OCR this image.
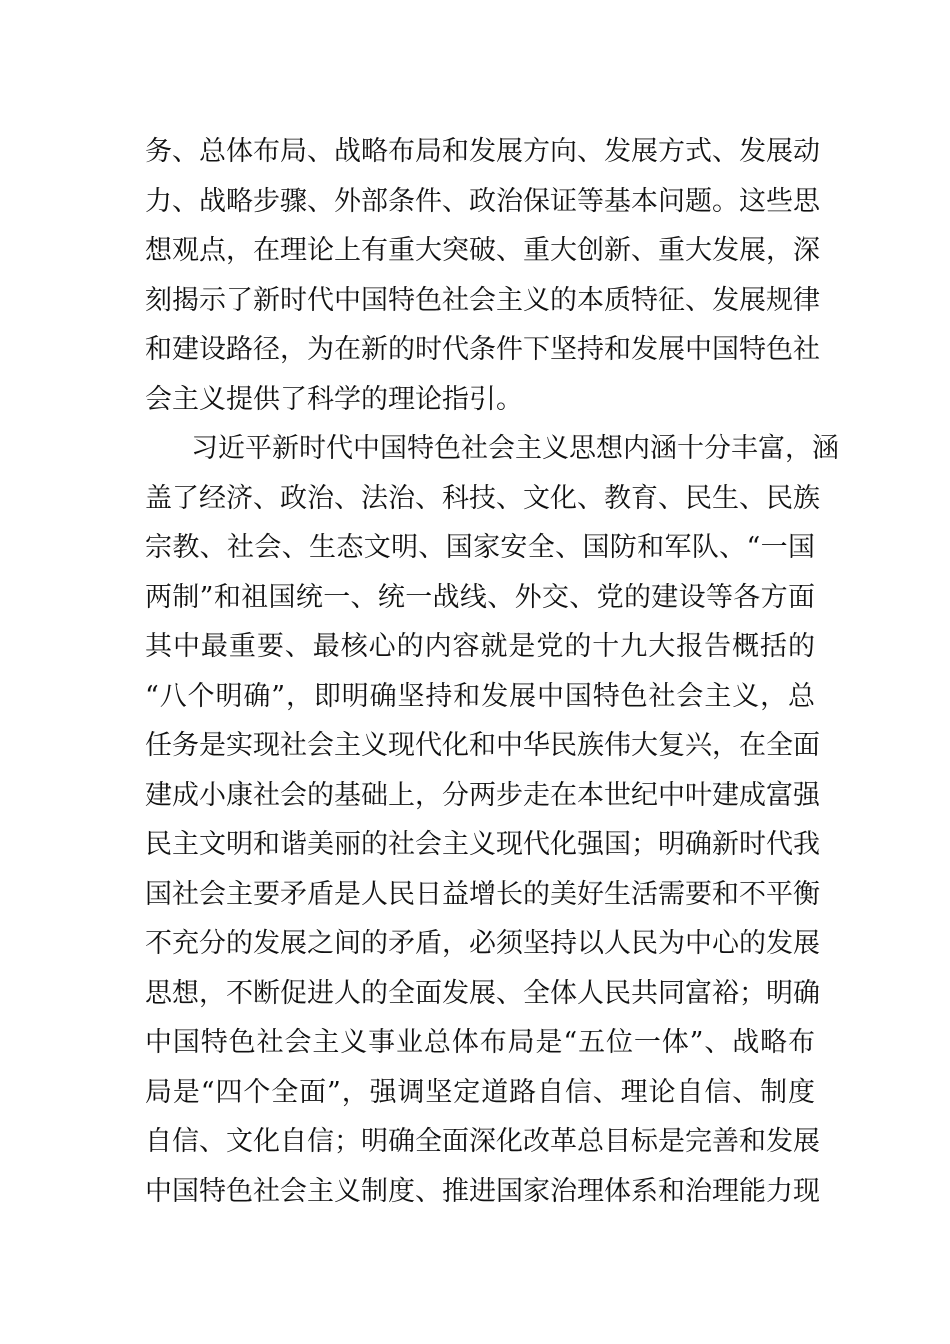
务、总体布局、战略布局和发展方向、发展方式、发展动
力、战略步骤、外部条件、政治保证等基本问题。这些思
想观点，在理论上有重大突破、重大创新、重大发展，深
刻揭示了新时代中国特色社会主义的本质特征、发展规律
和建设路径，为在新的时代条件下坚持和发展中国特色社
会主义提供了科学的理论指引。
习近平新时代中国特色社会主义思想内涵十分丰富，涵
盖了经济、政治、法治、科技、文化、教育、民生、民族
宗教、社会、生态文明、国家安全、国防和军队、“一国
两制”和祖国统一、统一战线、外交、党的建设等各方面
其中最重要、最核心的内容就是党的十九大报告概括的
“八个明确”，即明确坚持和发展中国特色社会主义，总
任务是实现社会主义现代化和中华民族伟大复兴，在全面
建成小康社会的基础上，分两步走在本世纪中叶建成富强
民主文明和谐美丽的社会主义现代化强国；明确新时代我
国社会主要矛盾是人民日益增长的美好生活需要和不平衡
不充分的发展之间的矛盾，必须坚持以人民为中心的发展
思想，不断促进人的全面发展、全体人民共同富裕；明确
中国特色社会主义事业总体布局是“五位一体”、战略布
局是“四个全面”，强调坚定道路自信、理论自信、制度
自信、文化自信；明确全面深化改革总目标是完善和发展
中国特色社会主义制度、推进国家治理体系和治理能力现
